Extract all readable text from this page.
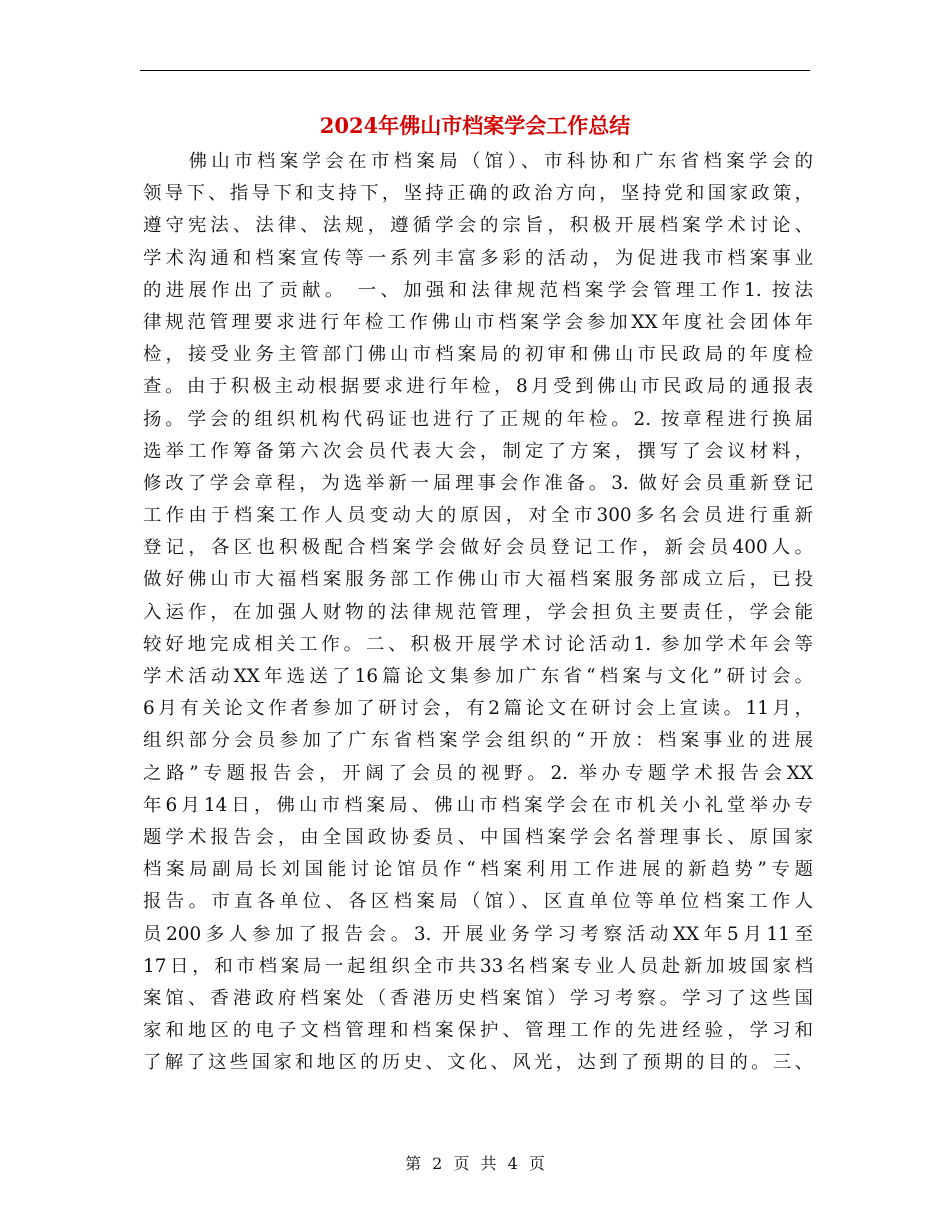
2024年佛山市档案学会工作总结
　　佛山市档案学会在市档案局（馆）、市科协和广东省档案学会的
领导下、指导下和支持下，坚持正确的政治方向，坚持党和国家政策，
遵守宪法、法律、法规，遵循学会的宗旨，积极开展档案学术讨论、
学术沟通和档案宣传等一系列丰富多彩的活动，为促进我市档案事业
的进展作出了贡献。 一、加强和法律规范档案学会管理工作1. 按法
律规范管理要求进行年检工作佛山市档案学会参加XX年度社会团体年
检，接受业务主管部门佛山市档案局的初审和佛山市民政局的年度检
查。由于积极主动根据要求进行年检，8月受到佛山市民政局的通报表
扬。学会的组织机构代码证也进行了正规的年检。2. 按章程进行换届
选举工作筹备第六次会员代表大会，制定了方案，撰写了会议材料，
修改了学会章程，为选举新一届理事会作准备。3. 做好会员重新登记
工作由于档案工作人员变动大的原因，对全市300多名会员进行重新
登记，各区也积极配合档案学会做好会员登记工作，新会员400人。
做好佛山市大福档案服务部工作佛山市大福档案服务部成立后，已投
入运作，在加强人财物的法律规范管理，学会担负主要责任，学会能
较好地完成相关工作。二、积极开展学术讨论活动1. 参加学术年会等
学术活动XX年选送了16篇论文集参加广东省“档案与文化”研讨会。
6月有关论文作者参加了研讨会，有2篇论文在研讨会上宣读。11月，
组织部分会员参加了广东省档案学会组织的“开放：档案事业的进展
之路”专题报告会，开阔了会员的视野。2. 举办专题学术报告会XX
年6月14日，佛山市档案局、佛山市档案学会在市机关小礼堂举办专
题学术报告会，由全国政协委员、中国档案学会名誉理事长、原国家
档案局副局长刘国能讨论馆员作“档案利用工作进展的新趋势”专题
报告。市直各单位、各区档案局（馆）、区直单位等单位档案工作人
员200多人参加了报告会。3. 开展业务学习考察活动XX年5月11至
17日，和市档案局一起组织全市共33名档案专业人员赴新加坡国家档
案馆、香港政府档案处（香港历史档案馆）学习考察。学习了这些国
家和地区的电子文档管理和档案保护、管理工作的先进经验，学习和
了解了这些国家和地区的历史、文化、风光，达到了预期的目的。三、
第 2 页 共 4 页
